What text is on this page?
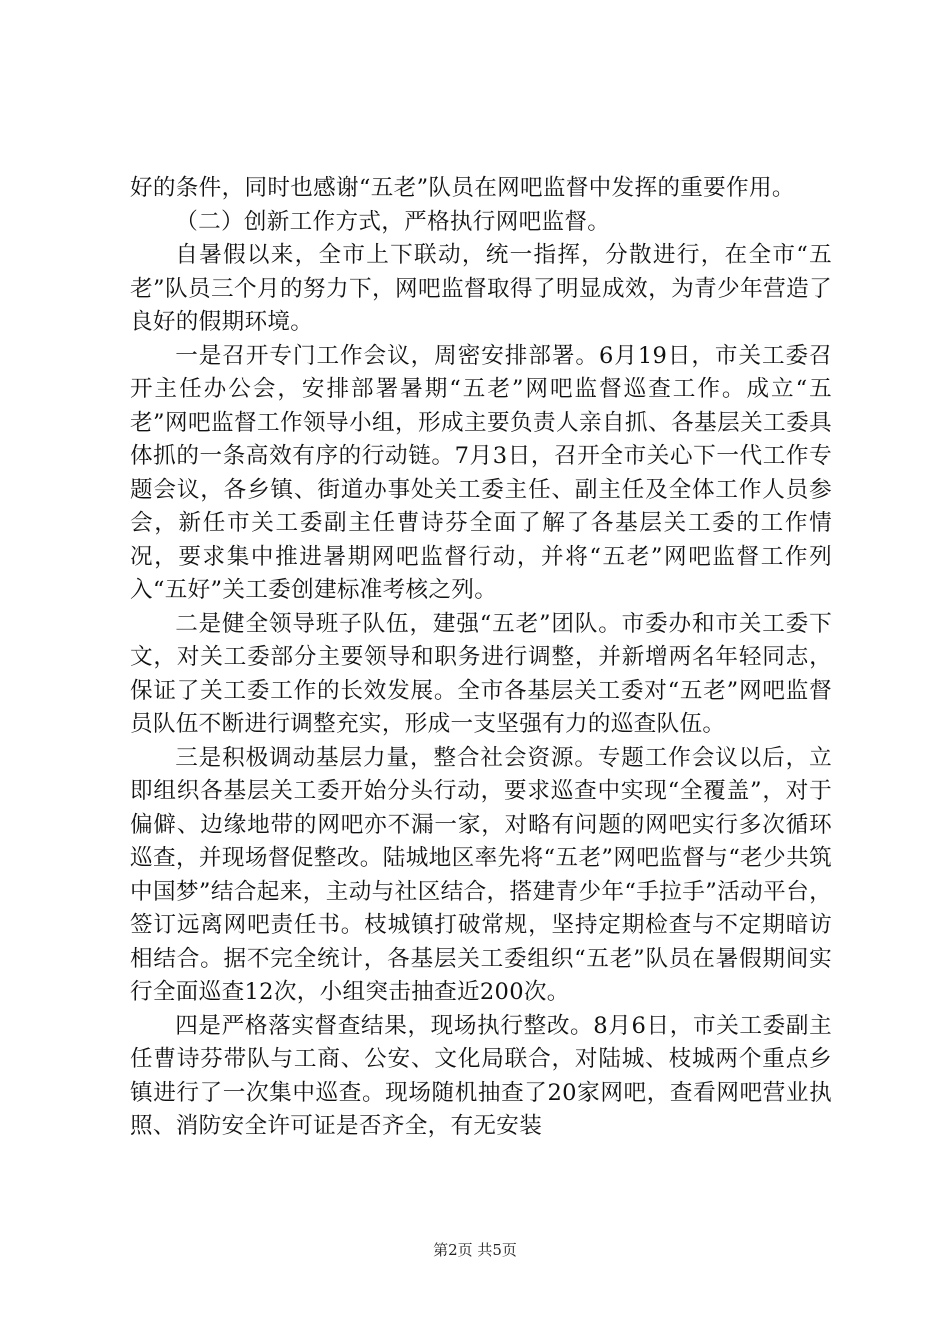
好的条件，同时也感谢“五老”队员在网吧监督中发挥的重要作用。

（二）创新工作方式，严格执行网吧监督。

自暑假以来，全市上下联动，统一指挥，分散进行，在全市“五老”队员三个月的努力下，网吧监督取得了明显成效，为青少年营造了良好的假期环境。

一是召开专门工作会议，周密安排部署。6月19日，市关工委召开主任办公会，安排部署暑期“五老”网吧监督巡查工作。成立“五老”网吧监督工作领导小组，形成主要负责人亲自抓、各基层关工委具体抓的一条高效有序的行动链。7月3日，召开全市关心下一代工作专题会议，各乡镇、街道办事处关工委主任、副主任及全体工作人员参会，新任市关工委副主任曹诗芬全面了解了各基层关工委的工作情况，要求集中推进暑期网吧监督行动，并将“五老”网吧监督工作列入“五好”关工委创建标准考核之列。

二是健全领导班子队伍，建强“五老”团队。市委办和市关工委下文，对关工委部分主要领导和职务进行调整，并新增两名年轻同志，保证了关工委工作的长效发展。全市各基层关工委对“五老”网吧监督员队伍不断进行调整充实，形成一支坚强有力的巡查队伍。

三是积极调动基层力量，整合社会资源。专题工作会议以后，立即组织各基层关工委开始分头行动，要求巡查中实现“全覆盖”，对于偏僻、边缘地带的网吧亦不漏一家，对略有问题的网吧实行多次循环巡查，并现场督促整改。陆城地区率先将“五老”网吧监督与“老少共筑中国梦”结合起来，主动与社区结合，搭建青少年“手拉手”活动平台，签订远离网吧责任书。枝城镇打破常规，坚持定期检查与不定期暗访相结合。据不完全统计，各基层关工委组织“五老”队员在暑假期间实行全面巡查12次，小组突击抽查近200次。

四是严格落实督查结果，现场执行整改。8月6日，市关工委副主任曹诗芬带队与工商、公安、文化局联合，对陆城、枝城两个重点乡镇进行了一次集中巡查。现场随机抽查了20家网吧，查看网吧营业执照、消防安全许可证是否齐全，有无安装

第2页 共5页
